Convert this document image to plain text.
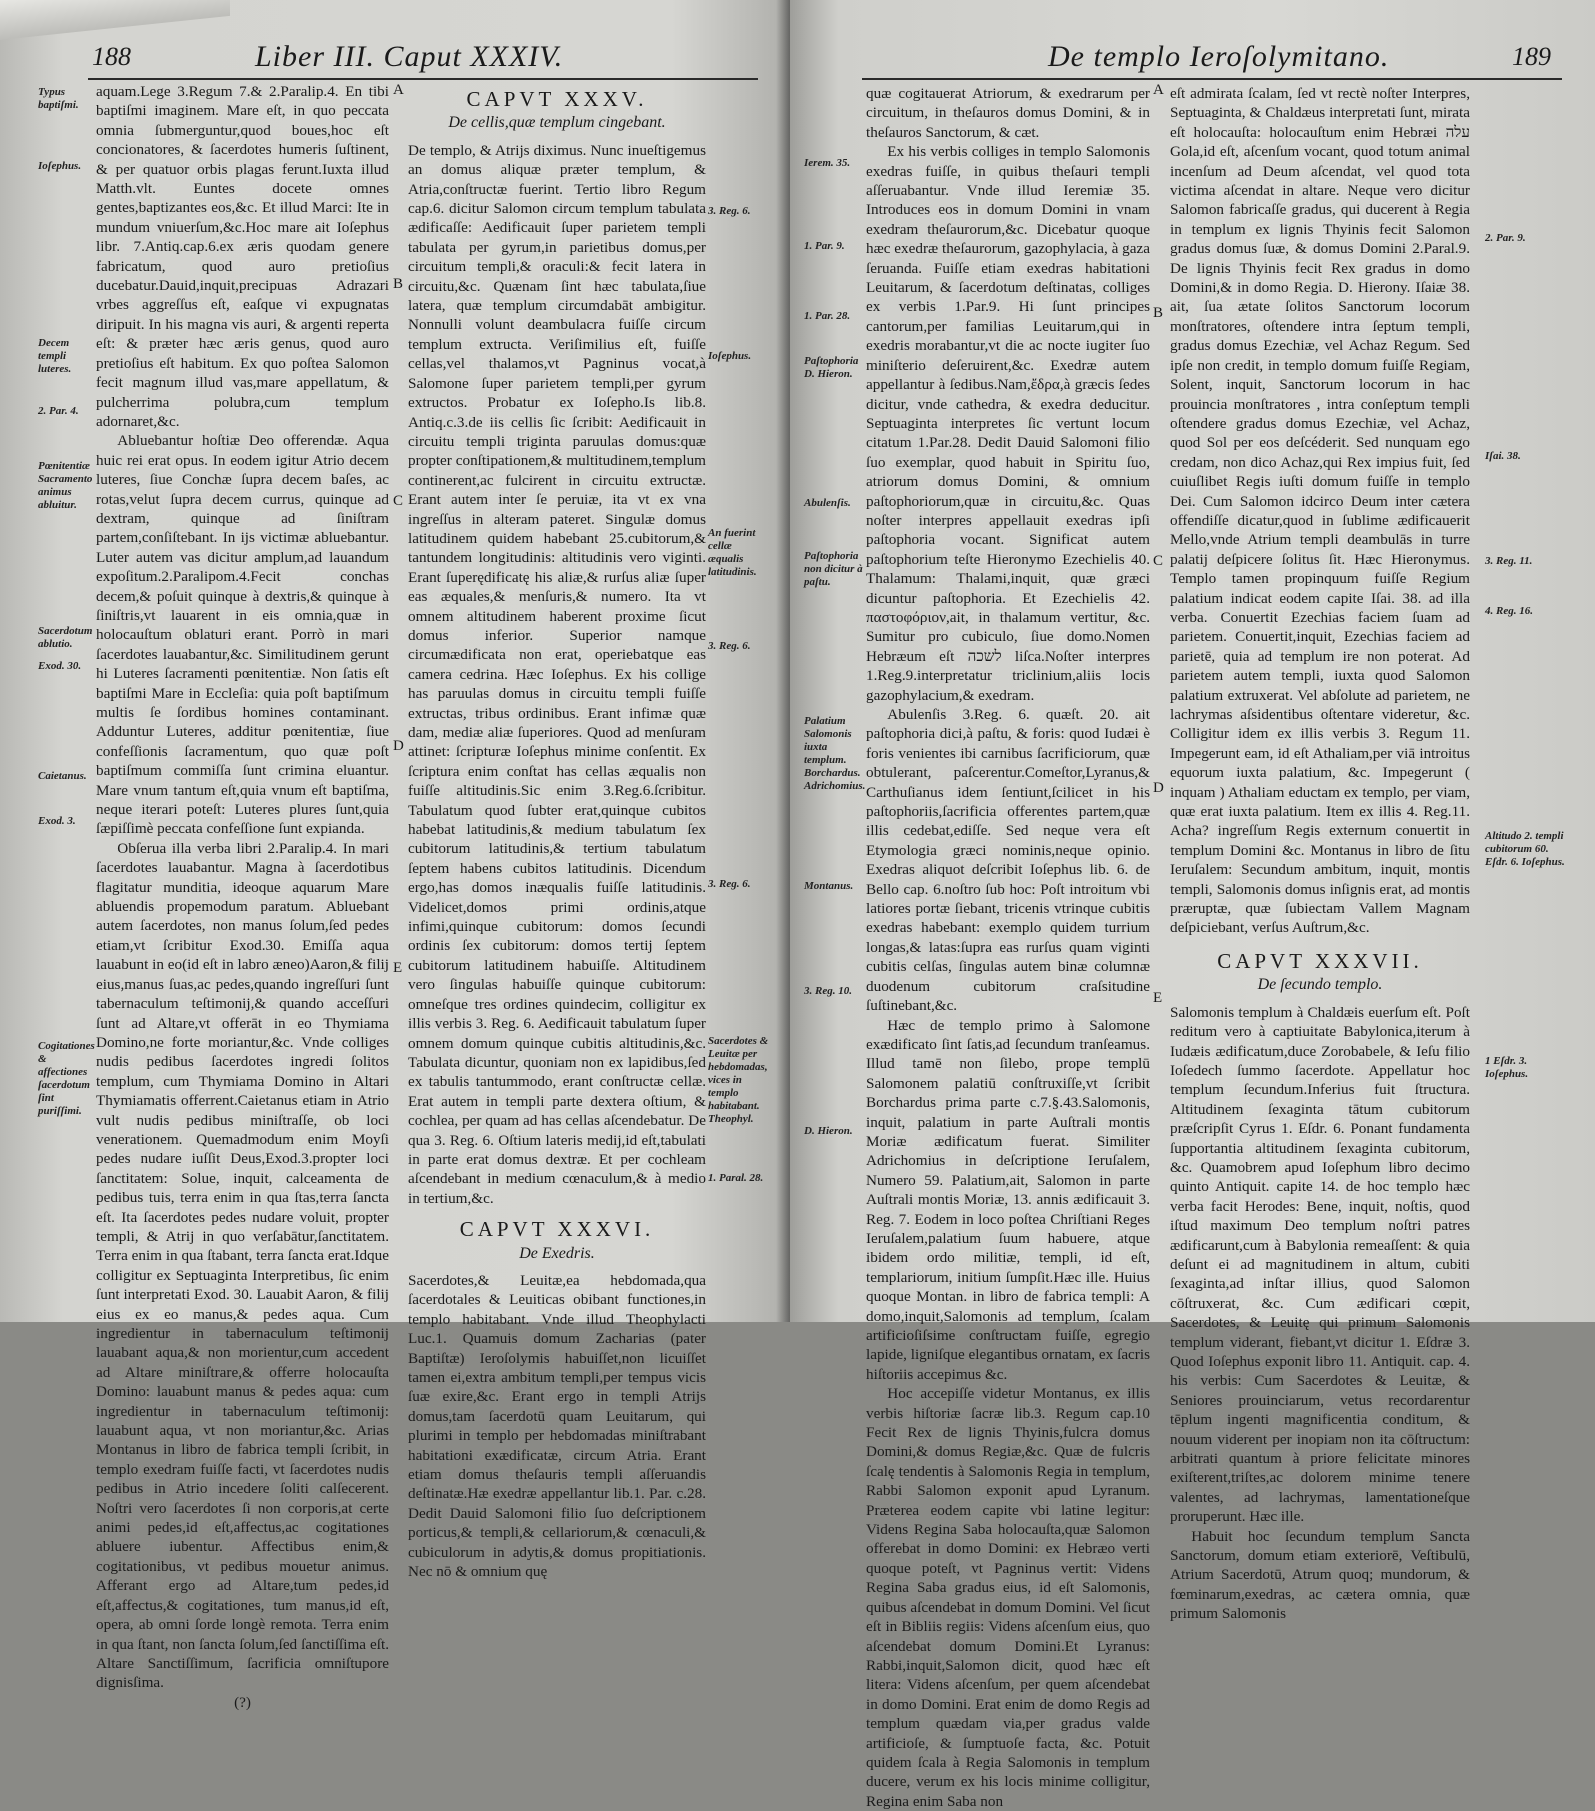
188	Liber III. Caput XXXIV.
Typus baptiſmi.
Ioſephus.
Decem templi luteres.
2. Par. 4.
Pœnitentiæ Sacramento animus abluitur.
Sacerdotum ablutio.
Exod. 30.
Caietanus.
Exod. 3.
Cogitationes & affectiones ſacerdotum ſint puriſſimi.
A
B
C
D
E

aquam.Lege 3.Regum 7.& 2.Paralip.4. En tibi baptiſmi imaginem. Mare eſt, in quo peccata omnia ſubmerguntur,quod boues,hoc eſt concionatores, & ſacerdotes humeris ſuſtinent, & per quatuor orbis plagas ferunt.Iuxta illud Matth.vlt. Euntes docete omnes gentes,baptizantes eos,&c. Et illud Marci: Ite in mundum vniuerſum,&c.Hoc mare ait Ioſephus libr. 7.Antiq.cap.6.ex æris quodam genere fabricatum, quod auro pretioſius ducebatur.Dauid,inquit,precipuas Adrazari vrbes aggreſſus eſt, eaſque vi expugnatas diripuit. In his magna vis auri, & argenti reperta eſt: & præter hæc æris genus, quod auro pretioſius eſt habitum. Ex quo poſtea Salomon fecit magnum illud vas,mare appellatum, & pulcherrima polubra,cum templum adornaret,&c.

Abluebantur hoſtiæ Deo offerendæ. Aqua huic rei erat opus. In eodem igitur Atrio decem luteres, ſiue Conchæ ſupra decem baſes, ac rotas,velut ſupra decem currus, quinque ad dextram, quinque ad ſiniſtram partem,conſiſtebant. In ijs victimæ abluebantur. Luter autem vas dicitur amplum,ad lauandum expoſitum.2.Paralipom.4.Fecit conchas decem,& poſuit quinque à dextris,& quinque à ſiniſtris,vt lauarent in eis omnia,quæ in holocauſtum oblaturi erant. Porrò in mari ſacerdotes lauabantur,&c. Similitudinem gerunt hi Luteres ſacramenti pœnitentiæ. Non ſatis eſt baptiſmi Mare in Eccleſia: quia poſt baptiſmum multis ſe ſordibus homines contaminant. Adduntur Luteres, additur pœnitentiæ, ſiue confeſſionis ſacramentum, quo quæ poſt baptiſmum commiſſa ſunt crimina eluantur. Mare vnum tantum eſt,quia vnum eſt baptiſma, neque iterari poteſt: Luteres plures ſunt,quia ſæpiſſimè peccata confeſſione ſunt expianda.

Obſerua illa verba libri 2.Paralip.4. In mari ſacerdotes lauabantur. Magna à ſacerdotibus flagitatur munditia, ideoque aquarum Mare abluendis propemodum paratum. Abluebant autem ſacerdotes, non manus ſolum,ſed pedes etiam,vt ſcribitur Exod.30. Emiſſa aqua lauabunt in eo(id eſt in labro æneo)Aaron,& filij eius,manus ſuas,ac pedes,quando ingreſſuri ſunt tabernaculum teſtimonij,& quando acceſſuri ſunt ad Altare,vt offerāt in eo Thymiama Domino,ne forte moriantur,&c. Vnde colliges nudis pedibus ſacerdotes ingredi ſolitos templum, cum Thymiama Domino in Altari Thymiamatis offerrent.Caietanus etiam in Atrio vult nudis pedibus miniſtraſſe, ob loci venerationem. Quemadmodum enim Moyſi pedes nudare iuſſit Deus,Exod.3.propter loci ſanctitatem: Solue, inquit, calceamenta de pedibus tuis, terra enim in qua ſtas,terra ſancta eſt. Ita ſacerdotes pedes nudare voluit, propter templi, & Atrij in quo verſabātur,ſanctitatem. Terra enim in qua ſtabant, terra ſancta erat.Idque colligitur ex Septuaginta Interpretibus, ſic enim ſunt interpretati Exod. 30. Lauabit Aaron, & filij eius ex eo manus,& pedes aqua. Cum ingredientur in tabernaculum teſtimonij lauabant aqua,& non morientur,cum accedent ad Altare miniſtrare,& offerre holocauſta Domino: lauabunt manus & pedes aqua: cum ingredientur in tabernaculum teſtimonij: lauabunt aqua, vt non moriantur,&c. Arias Montanus in libro de fabrica templi ſcribit, in templo exedram fuiſſe facti, vt ſacerdotes nudis pedibus in Atrio incedere ſoliti calſecerent. Noſtri vero ſacerdotes ſi non corporis,at certe animi pedes,id eſt,affectus,ac cogitationes abluere iubentur. Affectibus enim,& cogitationibus, vt pedibus mouetur animus. Afferant ergo ad Altare,tum pedes,id eſt,affectus,& cogitationes, tum manus,id eſt, opera, ab omni ſorde longè remota. Terra enim in qua ſtant, non ſancta ſolum,ſed ſanctiſſima eſt. Altare Sanctiſſimum, ſacrificia omniſtupore dignisſima.

(?)

CAPVT XXXV.
De cellis,quæ templum cingebant.

De templo, & Atrijs diximus. Nunc inueſtigemus an domus aliquæ præter templum, & Atria,conſtructæ fuerint. Tertio libro Regum cap.6. dicitur Salomon circum templum tabulata ædificaſſe: Aedificauit ſuper parietem templi tabulata per gyrum,in parietibus domus,per circuitum templi,& oraculi:& fecit latera in circuitu,&c. Quænam ſint hæc tabulata,ſiue latera, quæ templum circumdabāt ambigitur. Nonnulli volunt deambulacra fuiſſe circum templum extructa. Veriſimilius eſt, fuiſſe cellas,vel thalamos,vt Pagninus vocat,à Salomone ſuper parietem templi,per gyrum extructos. Probatur ex Ioſepho.Is lib.8. Antiq.c.3.de iis cellis ſic ſcribit: Aedificauit in circuitu templi triginta paruulas domus:quæ propter conſtipationem,& multitudinem,templum continerent,ac fulcirent in circuitu extructæ. Erant autem inter ſe peruiæ, ita vt ex vna ingreſſus in alteram pateret. Singulæ domus latitudinem quidem habebant 25.cubitorum,& tantundem longitudinis: altitudinis vero viginti. Erant ſuperędificatę his aliæ,& rurſus aliæ ſuper eas æquales,& menſuris,& numero. Ita vt omnem altitudinem haberent proxime ſicut domus inferior. Superior namque circumædificata non erat, operiebatque eas camera cedrina. Hæc Ioſephus. Ex his collige has paruulas domus in circuitu templi fuiſſe extructas, tribus ordinibus. Erant infimæ quæ dam, mediæ aliæ ſuperiores. Quod ad menſuram attinet: ſcripturæ Ioſephus minime conſentit. Ex ſcriptura enim conſtat has cellas æqualis non fuiſſe altitudinis.Sic enim 3.Reg.6.ſcribitur. Tabulatum quod ſubter erat,quinque cubitos habebat latitudinis,& medium tabulatum ſex cubitorum latitudinis,& tertium tabulatum ſeptem habens cubitos latitudinis. Dicendum ergo,has domos inæqualis fuiſſe latitudinis. Videlicet,domos primi ordinis,atque infimi,quinque cubitorum: domos ſecundi ordinis ſex cubitorum: domos tertij ſeptem cubitorum latitudinem habuiſſe. Altitudinem vero ſingulas habuiſſe quinque cubitorum: omneſque tres ordines quindecim, colligitur ex illis verbis 3. Reg. 6. Aedificauit tabulatum ſuper omnem domum quinque cubitis altitudinis,&c. Tabulata dicuntur, quoniam non ex lapidibus,ſed ex tabulis tantummodo, erant conſtructæ cellæ. Erat autem in templi parte dextera oſtium, & cochlea, per quam ad has cellas aſcendebatur. De qua 3. Reg. 6. Oſtium lateris medij,id eſt,tabulati in parte erat domus dextræ. Et per cochleam aſcendebant in medium cœnaculum,& à medio in tertium,&c.

CAPVT XXXVI.
De Exedris.

Sacerdotes,& Leuitæ,ea hebdomada,qua ſacerdotales & Leuiticas obibant functiones,in templo habitabant. Vnde illud Theophylacti Luc.1. Quamuis domum Zacharias (pater Baptiſtæ) Ieroſolymis habuiſſet,non licuiſſet tamen ei,extra ambitum templi,per tempus vicis ſuæ exire,&c. Erant ergo in templi Atrijs domus,tam ſacerdotū quam Leuitarum, qui plurimi in templo per hebdomadas miniſtrabant habitationi exædificatæ, circum Atria. Erant etiam domus theſauris templi aſſeruandis deſtinatæ.Hæ exedræ appellantur lib.1. Par. c.28. Dedit Dauid Salomoni filio ſuo deſcriptionem porticus,& templi,& cellariorum,& cœnaculi,& cubiculorum in adytis,& domus propitiationis. Nec nō & omnium quę

3. Reg. 6.
Ioſephus.
An fuerint cellæ æqualis latitudinis.
3. Reg. 6.
3. Reg. 6.
Sacerdotes & Leuitæ per hebdomadas, vices in templo habitabant. Theophyl.
1. Paral. 28.
De templo Ieroſolymitano.	189
Ierem. 35.
1. Par. 9.
1. Par. 28.
Paſtophoria D. Hieron.
Abulenſis.
Paſtophoria non dicitur à paſtu.
Palatium Salomonis iuxta templum. Borchardus. Adrichomius.
Montanus.
3. Reg. 10.
D. Hieron.
A
B
C
D
E

quæ cogitauerat Atriorum, & exedrarum per circuitum, in theſauros domus Domini, & in theſauros Sanctorum, & cæt.

Ex his verbis colliges in templo Salomonis exedras fuiſſe, in quibus theſauri templi aſſeruabantur. Vnde illud Ieremiæ 35. Introduces eos in domum Domini in vnam exedram theſaurorum,&c. Dicebatur quoque hæc exedræ theſaurorum, gazophylacia, à gaza ſeruanda. Fuiſſe etiam exedras habitationi Leuitarum, & ſacerdotum deſtinatas, colliges ex verbis 1.Par.9. Hi ſunt principes cantorum,per familias Leuitarum,qui in exedris morabantur,vt die ac nocte iugiter ſuo miniſterio deſeruirent,&c. Exedræ autem appellantur à ſedibus.Nam,ἔδρα,à græcis ſedes dicitur, vnde cathedra, & exedra deducitur. Septuaginta interpretes ſic vertunt locum citatum 1.Par.28. Dedit Dauid Salomoni filio ſuo exemplar, quod habuit in Spiritu ſuo, atriorum domus Domini, & omnium paſtophoriorum,quæ in circuitu,&c. Quas noſter interpres appellauit exedras ipſi paſtophoria vocant. Significat autem paſtophorium teſte Hieronymo Ezechielis 40. Thalamum: Thalami,inquit, quæ græci dicuntur paſtophoria. Et Ezechielis 42. παστοφόριον,ait, in thalamum vertitur, &c. Sumitur pro cubiculo, ſiue domo.Nomen Hebræum eſt לשכה liſca.Noſter interpres 1.Reg.9.interpretatur triclinium,aliis locis gazophylacium,& exedram.

Abulenſis 3.Reg. 6. quæſt. 20. ait paſtophoria dici,à paſtu, & foris: quod Iudæi è foris venientes ibi carnibus ſacrificiorum, quæ obtulerant, paſcerentur.Comeſtor,Lyranus,& Carthuſianus idem ſentiunt,ſcilicet in his paſtophoriis,ſacrificia offerentes partem,quæ illis cedebat,ediſſe. Sed neque vera eſt Etymologia græci nominis,neque opinio. Exedras aliquot deſcribit Ioſephus lib. 6. de Bello cap. 6.noſtro ſub hoc: Poſt introitum vbi latiores portæ ſiebant, tricenis vtrinque cubitis exedras habebant: exemplo quidem turrium longas,& latas:ſupra eas rurſus quam viginti cubitis celſas, ſingulas autem binæ columnæ duodenum cubitorum craſsitudine ſuſtinebant,&c.

Hæc de templo primo à Salomone exædificato ſint ſatis,ad ſecundum tranſeamus. Illud tamē non ſilebo, prope templū Salomonem palatiū conſtruxiſſe,vt ſcribit Borchardus prima parte c.7.§.43.Salomonis, inquit, palatium in parte Auſtrali montis Moriæ ædificatum fuerat. Similiter Adrichomius in deſcriptione Ieruſalem, Numero 59. Palatium,ait, Salomon in parte Auſtrali montis Moriæ, 13. annis ædificauit 3. Reg. 7. Eodem in loco poſtea Chriſtiani Reges Ieruſalem,palatium ſuum habuere, atque ibidem ordo militiæ, templi, id eſt, templariorum, initium ſumpſit.Hæc ille. Huius quoque Montan. in libro de fabrica templi: A domo,inquit,Salomonis ad templum, ſcalam artificioſiſsime conſtructam fuiſſe, egregio lapide, ligniſque elegantibus ornatam, ex ſacris hiſtoriis accepimus &c.

Hoc accepiſſe videtur Montanus, ex illis verbis hiſtoriæ ſacræ lib.3. Regum cap.10 Fecit Rex de lignis Thyinis,fulcra domus Domini,& domus Regiæ,&c. Quæ de fulcris ſcalę tendentis à Salomonis Regia in templum, Rabbi Salomon exponit apud Lyranum. Præterea eodem capite vbi latine legitur: Videns Regina Saba holocauſta,quæ Salomon offerebat in domo Domini: ex Hebræo verti quoque poteſt, vt Pagninus vertit: Videns Regina Saba gradus eius, id eſt Salomonis, quibus aſcendebat in domum Domini. Vel ſicut eſt in Bibliis regiis: Videns aſcenſum eius, quo aſcendebat domum Domini.Et Lyranus: Rabbi,inquit,Salomon dicit, quod hæc eſt litera: Videns aſcenſum, per quem aſcendebat in domo Domini. Erat enim de domo Regis ad templum quædam via,per gradus valde artificioſe, & ſumptuoſe facta, &c. Potuit quidem ſcala à Regia Salomonis in templum ducere, verum ex his locis minime colligitur, Regina enim Saba non

eſt admirata ſcalam, ſed vt rectè noſter Interpres, Septuaginta, & Chaldæus interpretati ſunt, mirata eſt holocauſta: holocauſtum enim Hebræi עלה Gola,id eſt, aſcenſum vocant, quod totum animal incenſum ad Deum aſcendat, vel quod tota victima aſcendat in altare. Neque vero dicitur Salomon fabricaſſe gradus, qui ducerent à Regia in templum ex lignis Thyinis fecit Salomon gradus domus ſuæ, & domus Domini 2.Paral.9. De lignis Thyinis fecit Rex gradus in domo Domini,& in domo Regia. D. Hierony. Iſaiæ 38. ait, ſua ætate ſolitos Sanctorum locorum monſtratores, oſtendere intra ſeptum templi, gradus domus Ezechiæ, vel Achaz Regum. Sed ipſe non credit, in templo domum fuiſſe Regiam, Solent, inquit, Sanctorum locorum in hac prouincia monſtratores , intra conſeptum templi oſtendere gradus domus Ezechiæ, vel Achaz, quod Sol per eos deſcéderit. Sed nunquam ego credam, non dico Achaz,qui Rex impius fuit, ſed cuiuſlibet Regis iuſti domum fuiſſe in templo Dei. Cum Salomon idcirco Deum inter cætera offendiſſe dicatur,quod in ſublime ædificauerit Mello,vnde Atrium templi deambulās in turre palatij deſpicere ſolitus ſit. Hæc Hieronymus. Templo tamen propinquum fuiſſe Regium palatium indicat eodem capite Iſai. 38. ad illa verba. Conuertit Ezechias faciem ſuam ad parietem. Conuertit,inquit, Ezechias faciem ad parietē, quia ad templum ire non poterat. Ad parietem autem templi, iuxta quod Salomon palatium extruxerat. Vel abſolute ad parietem, ne lachrymas aſsidentibus oſtentare videretur, &c. Colligitur idem ex illis verbis 3. Regum 11. Impegerunt eam, id eſt Athaliam,per viā introitus equorum iuxta palatium, &c. Impegerunt ( inquam ) Athaliam eductam ex templo, per viam, quæ erat iuxta palatium. Item ex illis 4. Reg.11. Acha? ingreſſum Regis externum conuertit in templum Domini &c. Montanus in libro de ſitu Ieruſalem: Secundum ambitum, inquit, montis templi, Salomonis domus inſignis erat, ad montis præruptæ, quæ ſubiectam Vallem Magnam deſpiciebant, verſus Auſtrum,&c.

CAPVT XXXVII.
De ſecundo templo.

Salomonis templum à Chaldæis euerſum eſt. Poſt reditum vero à captiuitate Babylonica,iterum à Iudæis ædificatum,duce Zorobabele, & Ieſu filio Ioſedech ſummo ſacerdote. Appellatur hoc templum ſecundum.Inferius fuit ſtructura. Altitudinem ſexaginta tātum cubitorum præſcripſit Cyrus 1. Eſdr. 6. Ponant fundamenta ſupportantia altitudinem ſexaginta cubitorum, &c. Quamobrem apud Ioſephum libro decimo quinto Antiquit. capite 14. de hoc templo hæc verba facit Herodes: Bene, inquit, noſtis, quod iſtud maximum Deo templum noſtri patres ædificarunt,cum à Babylonia remeaſſent: & quia deſunt ei ad magnitudinem in altum, cubiti ſexaginta,ad inſtar illius, quod Salomon cōſtruxerat, &c. Cum ædificari cœpit, Sacerdotes, & Leuitę qui primum Salomonis templum viderant, fiebant,vt dicitur 1. Eſdræ 3. Quod Ioſephus exponit libro 11. Antiquit. cap. 4. his verbis: Cum Sacerdotes & Leuitæ, & Seniores prouinciarum, vetus recordarentur tēplum ingenti magnificentia conditum, & nouum viderent per inopiam non ita cōſtructum: arbitrati quantum à priore felicitate minores exiſterent,triſtes,ac dolorem minime tenere valentes, ad lachrymas, lamentationeſque proruperunt. Hæc ille.

Habuit hoc ſecundum templum Sancta Sanctorum, domum etiam exteriorē, Veſtibulū, Atrium Sacerdotū, Atrum quoq; mundorum, & fœminarum,exedras, ac cætera omnia, quæ primum Salomonis

2. Par. 9.
Iſai. 38.
3. Reg. 11.
4. Reg. 16.
Altitudo 2. templi cubitorum 60. Eſdr. 6. Ioſephus.
1 Eſdr. 3. Ioſephus.
